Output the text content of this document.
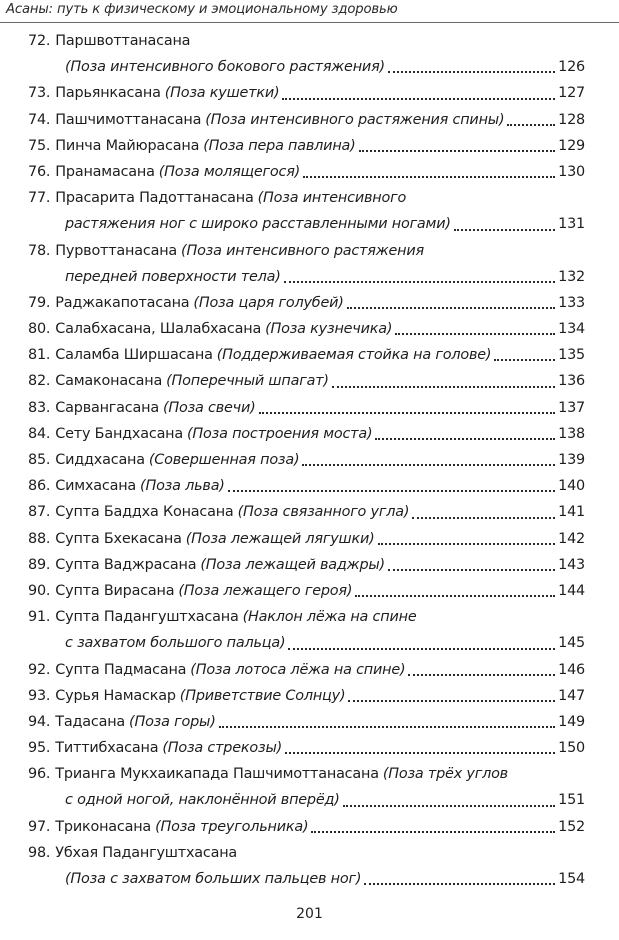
Асаны: путь к физическому и эмоциональному здоровью
72. Паршвоттанасана
(Поза интенсивного бокового растяжения)	126
73. Парьянкасана (Поза кушетки)	127
74. Пашчимоттанасана (Поза интенсивного растяжения спины)	128
75. Пинча Майюрасана (Поза пера павлина)	129
76. Пранамасана (Поза молящегося)	130
77. Прасарита Падоттанасана (Поза интенсивного
растяжения ног с широко расставленными ногами)	131
78. Пурвоттанасана (Поза интенсивного растяжения
передней поверхности тела)	132
79. Раджакапотасана (Поза царя голубей)	133
80. Салабхасана, Шалабхасана (Поза кузнечика)	134
81. Саламба Ширшасана (Поддерживаемая стойка на голове)	135
82. Самаконасана (Поперечный шпагат)	136
83. Сарвангасана (Поза свечи)	137
84. Сету Бандхасана (Поза построения моста)	138
85. Сиддхасана (Совершенная поза)	139
86. Симхасана (Поза льва)	140
87. Супта Баддха Конасана (Поза связанного угла)	141
88. Супта Бхекасана (Поза лежащей лягушки)	142
89. Супта Ваджрасана (Поза лежащей ваджры)	143
90. Супта Вирасана (Поза лежащего героя)	144
91. Супта Падангуштхасана (Наклон лёжа на спине
с захватом большого пальца)	145
92. Супта Падмасана (Поза лотоса лёжа на спине)	146
93. Сурья Намаскар (Приветствие Солнцу)	147
94. Тадасана (Поза горы)	149
95. Титтибхасана (Поза стрекозы)	150
96. Трианга Мукхаикапада Пашчимоттанасана (Поза трёх углов
с одной ногой, наклонённой вперёд)	151
97. Триконасана (Поза треугольника)	152
98. Убхая Падангуштхасана
(Поза с захватом больших пальцев ног)	154
201
